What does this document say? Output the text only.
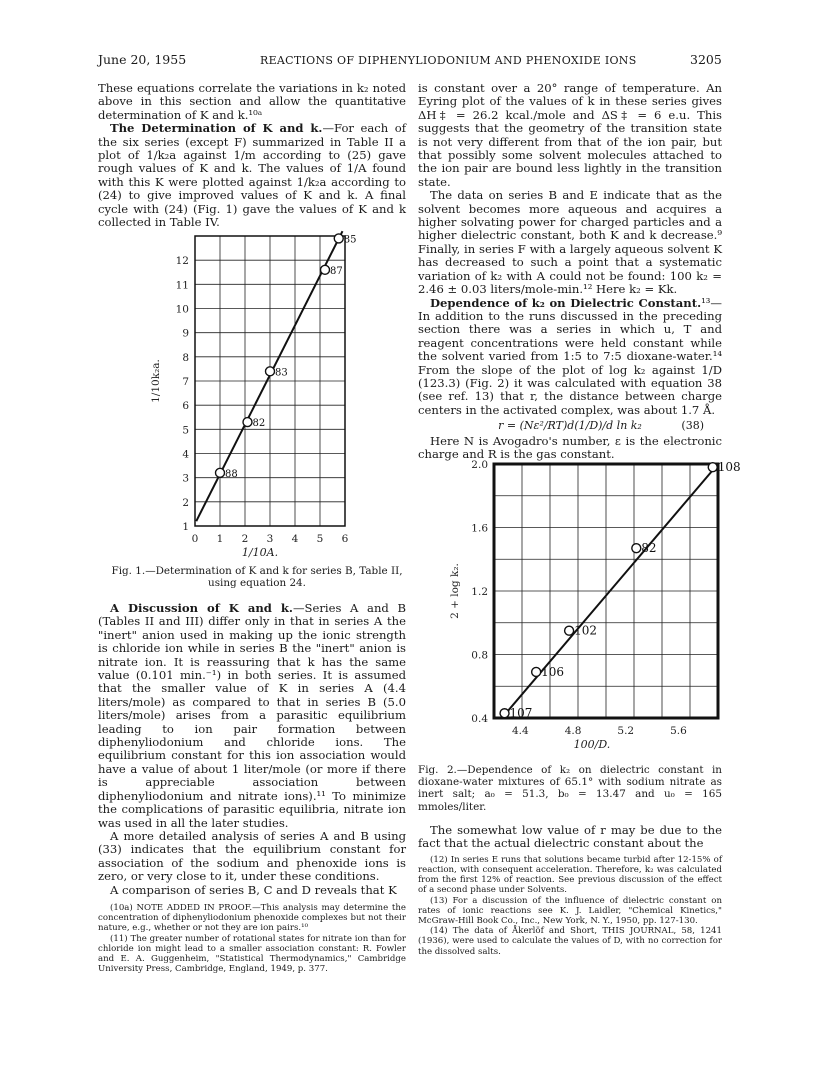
June 20, 1955	REACTIONS OF DIPHENYLIODONIUM AND PHENOXIDE IONS	3205

These equations correlate the variations in k₂ noted above in this section and allow the quantitative determination of K and k.¹⁰ᵃ

The Determination of K and k.—For each of the six series (except F) summarized in Table II a plot of 1/k₂a against 1/m according to (25) gave rough values of K and k. The values of 1/A found with this K were plotted against 1/k₂a according to (24) to give improved values of K and k. A final cycle with (24) (Fig. 1) gave the values of K and k collected in Table IV.

0 1 2 3 4 5 6
1
2
3
4
5
6
7
8
9
10
11
12
1/10A.
1/10k₂a.
88
82
83
87
85
Fig. 1.—Determination of K and k for series B, Table II, using equation 24.

A Discussion of K and k.—Series A and B (Tables II and III) differ only in that in series A the "inert" anion used in making up the ionic strength is chloride ion while in series B the "inert" anion is nitrate ion. It is reassuring that k has the same value (0.101 min.⁻¹) in both series. It is assumed that the smaller value of K in series A (4.4 liters/mole) as compared to that in series B (5.0 liters/mole) arises from a parasitic equilibrium leading to ion pair formation between diphenyliodonium and chloride ions. The equilibrium constant for this ion association would have a value of about 1 liter/mole (or more if there is appreciable association between diphenyliodonium and nitrate ions).¹¹ To minimize the complications of parasitic equilibria, nitrate ion was used in all the later studies.

A more detailed analysis of series A and B using (33) indicates that the equilibrium constant for association of the sodium and phenoxide ions is zero, or very close to it, under these conditions.

A comparison of series B, C and D reveals that K

(10a) NOTE ADDED IN PROOF.—This analysis may determine the concentration of diphenyliodonium phenoxide complexes but not their nature, e.g., whether or not they are ion pairs.¹⁰

(11) The greater number of rotational states for nitrate ion than for chloride ion might lead to a smaller association constant: R. Fowler and E. A. Guggenheim, "Statistical Thermodynamics," Cambridge University Press, Cambridge, England, 1949, p. 377.

is constant over a 20° range of temperature. An Eyring plot of the values of k in these series gives ΔH‡ = 26.2 kcal./mole and ΔS‡ = 6 e.u. This suggests that the geometry of the transition state is not very different from that of the ion pair, but that possibly some solvent molecules attached to the ion pair are bound less lightly in the transition state.

The data on series B and E indicate that as the solvent becomes more aqueous and acquires a higher solvating power for charged particles and a higher dielectric constant, both K and k decrease.⁹ Finally, in series F with a largely aqueous solvent K has decreased to such a point that a systematic variation of k₂ with A could not be found: 100 k₂ = 2.46 ± 0.03 liters/mole-min.¹² Here k₂ = Kk.

Dependence of k₂ on Dielectric Constant.¹³—In addition to the runs discussed in the preceding section there was a series in which u, T and reagent concentrations were held constant while the solvent varied from 1:5 to 7:5 dioxane-water.¹⁴ From the slope of the plot of log k₂ against 1/D (123.3) (Fig. 2) it was calculated with equation 38 (see ref. 13) that r, the distance between charge centers in the activated complex, was about 1.7 Å.

r = (Nε²/RT)d(1/D)/d ln k₂	(38)

Here N is Avogadro's number, ε is the electronic charge and R is the gas constant.

4.4	4.8	5.2	5.6
0.4
0.8
1.2
1.6
2.0
100/D.
2 + log k₂.
107
106
102
82
108
Fig. 2.—Dependence of k₂ on dielectric constant in dioxane-water mixtures of 65.1° with sodium nitrate as inert salt; a₀ = 51.3, b₀ = 13.47 and u₀ = 165 mmoles/liter.

The somewhat low value of r may be due to the fact that the actual dielectric constant about the

(12) In series E runs that solutions became turbid after 12-15% of reaction, with consequent acceleration. Therefore, k₂ was calculated from the first 12% of reaction. See previous discussion of the effect of a second phase under Solvents.

(13) For a discussion of the influence of dielectric constant on rates of ionic reactions see K. J. Laidler, "Chemical Kinetics," McGraw-Hill Book Co., Inc., New York, N. Y., 1950, pp. 127-130.

(14) The data of Åkerlöf and Short, THIS JOURNAL, 58, 1241 (1936), were used to calculate the values of D, with no correction for the dissolved salts.
